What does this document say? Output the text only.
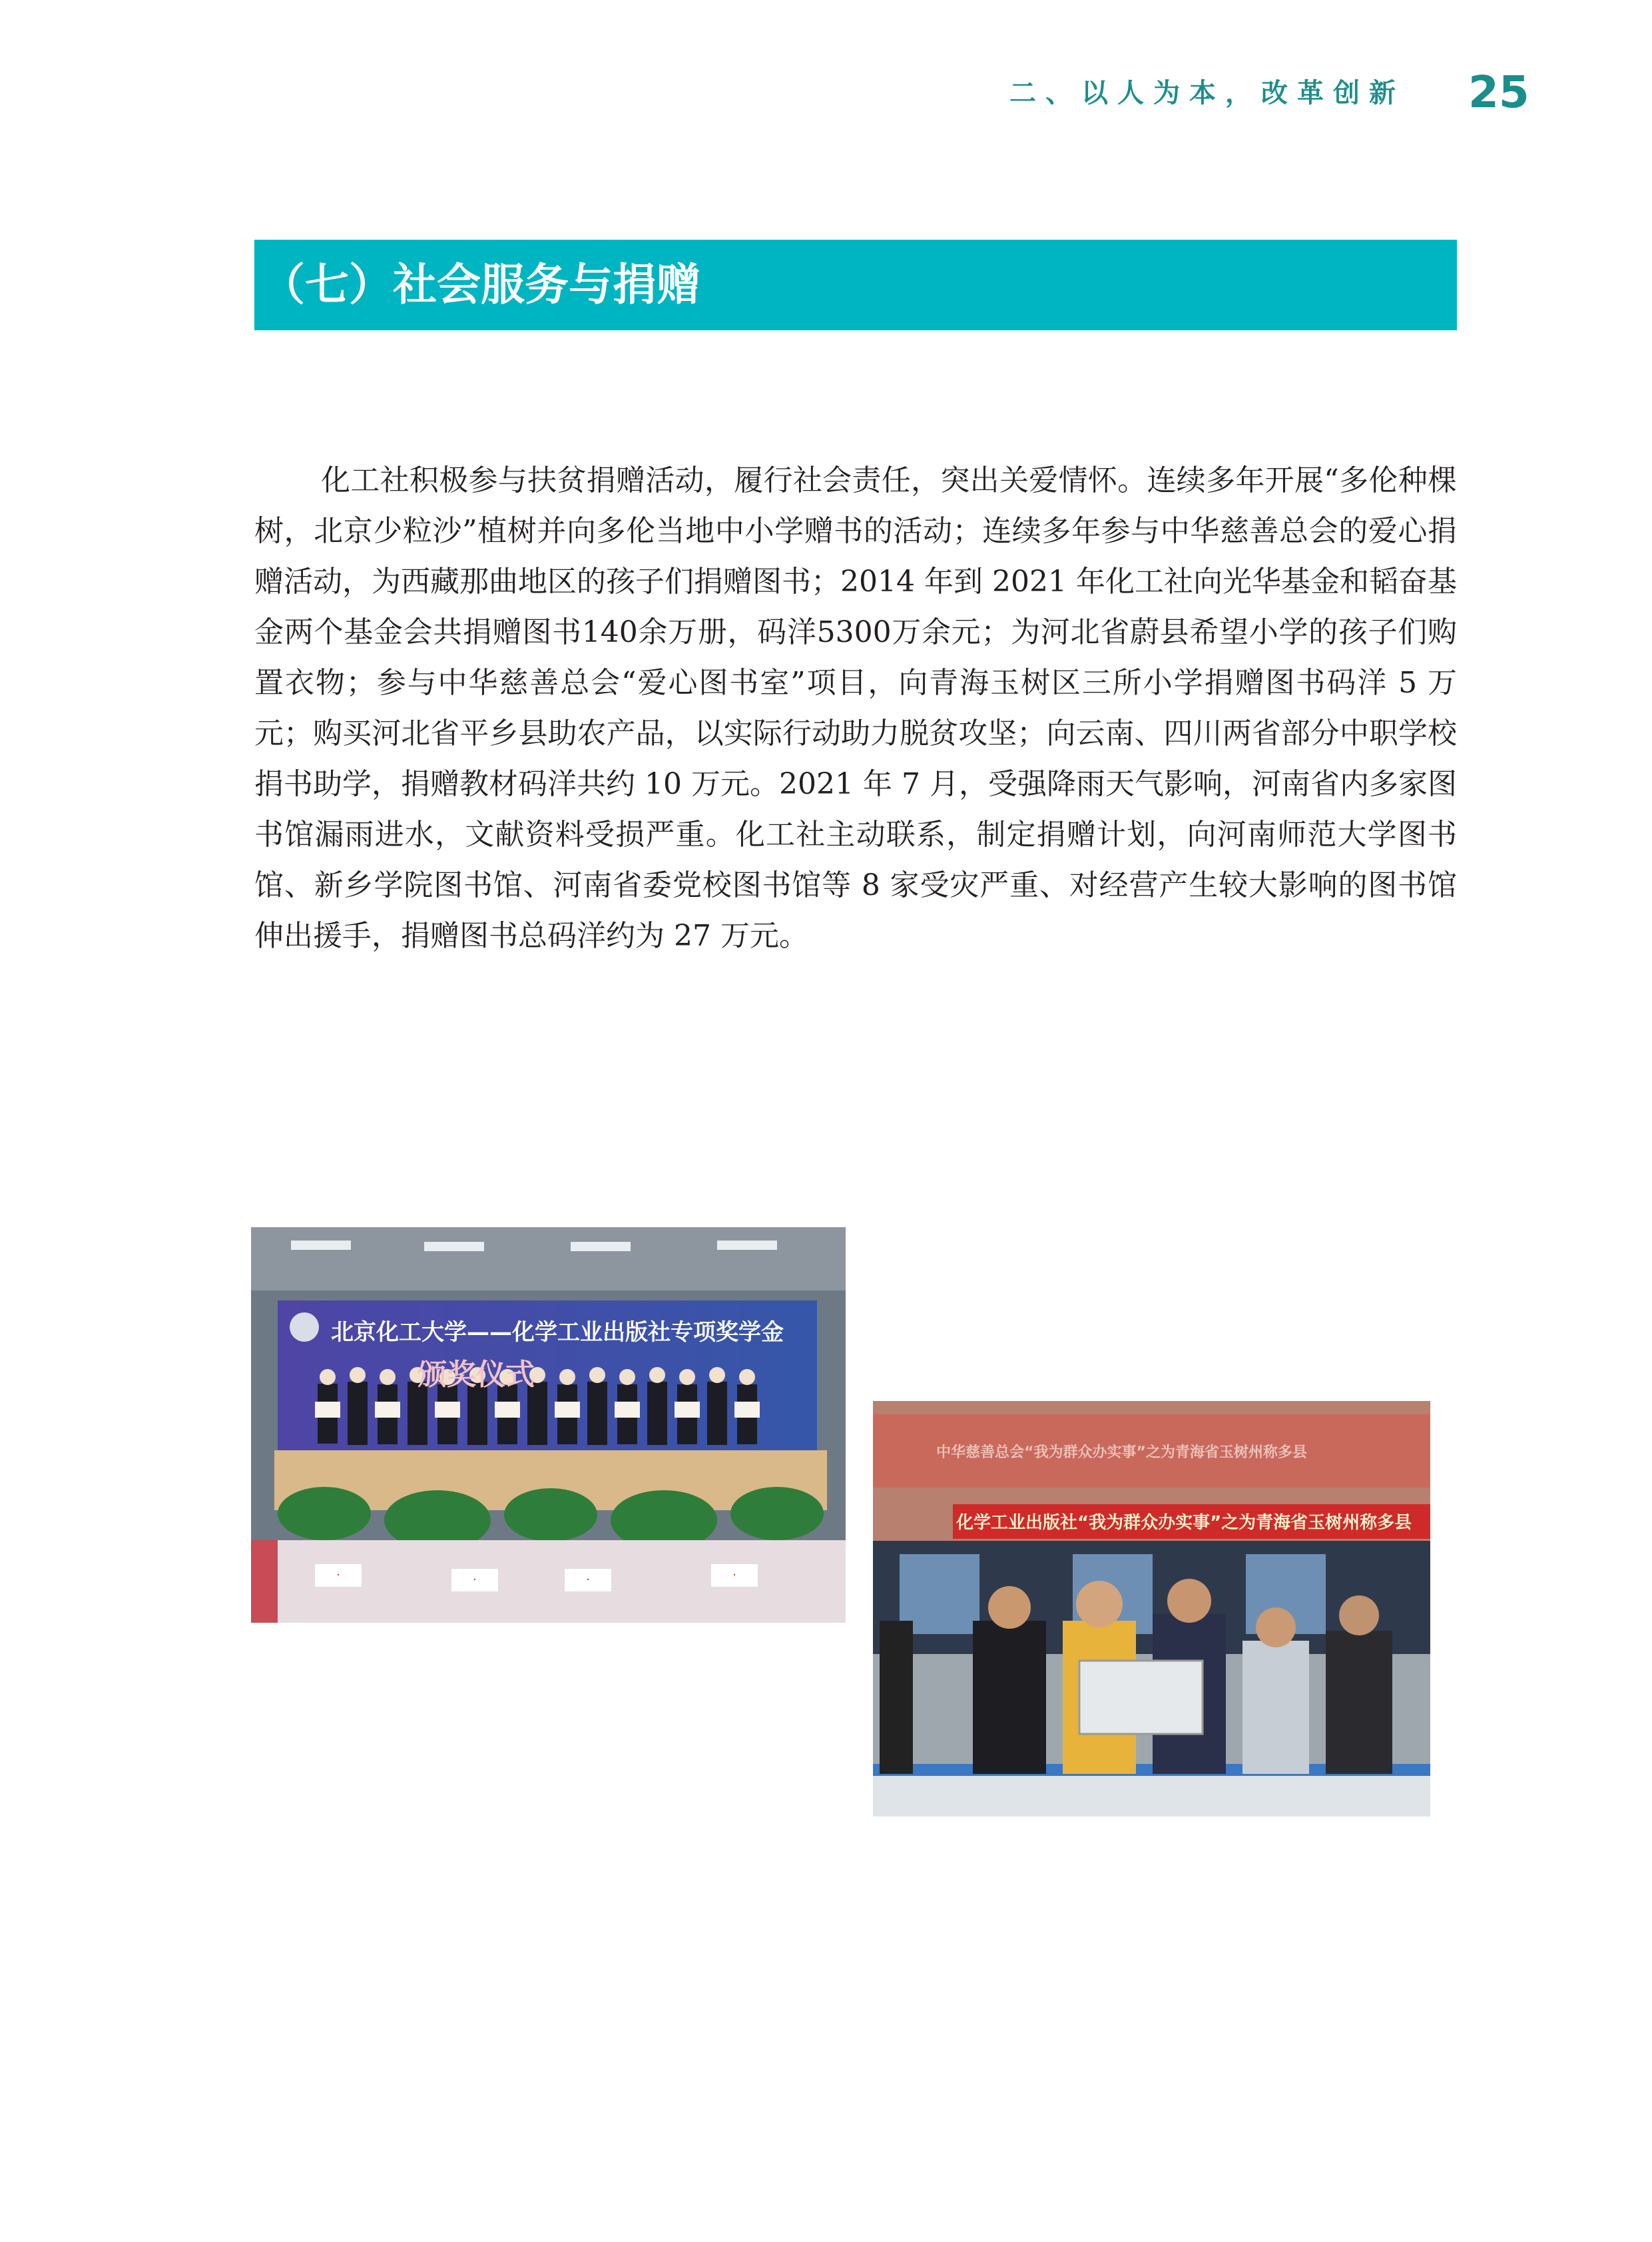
二、以人为本，改革创新 25
（七）社会服务与捐赠

化工社积极参与扶贫捐赠活动，履行社会责任，突出关爱情怀。连续多年开展“多伦种棵树，北京少粒沙”植树并向多伦当地中小学赠书的活动；连续多年参与中华慈善总会的爱心捐赠活动，为西藏那曲地区的孩子们捐赠图书；2014 年到 2021 年化工社向光华基金和韬奋基金两个基金会共捐赠图书140余万册，码洋5300万余元；为河北省蔚县希望小学的孩子们购置衣物；参与中华慈善总会“爱心图书室”项目，向青海玉树区三所小学捐赠图书码洋 5 万元；购买河北省平乡县助农产品，以实际行动助力脱贫攻坚；向云南、四川两省部分中职学校捐书助学，捐赠教材码洋共约 10 万元。2021 年 7 月，受强降雨天气影响，河南省内多家图书馆漏雨进水，文献资料受损严重。化工社主动联系，制定捐赠计划，向河南师范大学图书馆、新乡学院图书馆、河南省委党校图书馆等 8 家受灾严重、对经营产生较大影响的图书馆伸出援手，捐赠图书总码洋约为 27 万元。

北京化工大学——化学工业出版社专项奖学金
颁奖仪式
·	·	·	·
中华慈善总会“我为群众办实事”之为青海省玉树州称多县
化学工业出版社“我为群众办实事”之为青海省玉树州称多县
